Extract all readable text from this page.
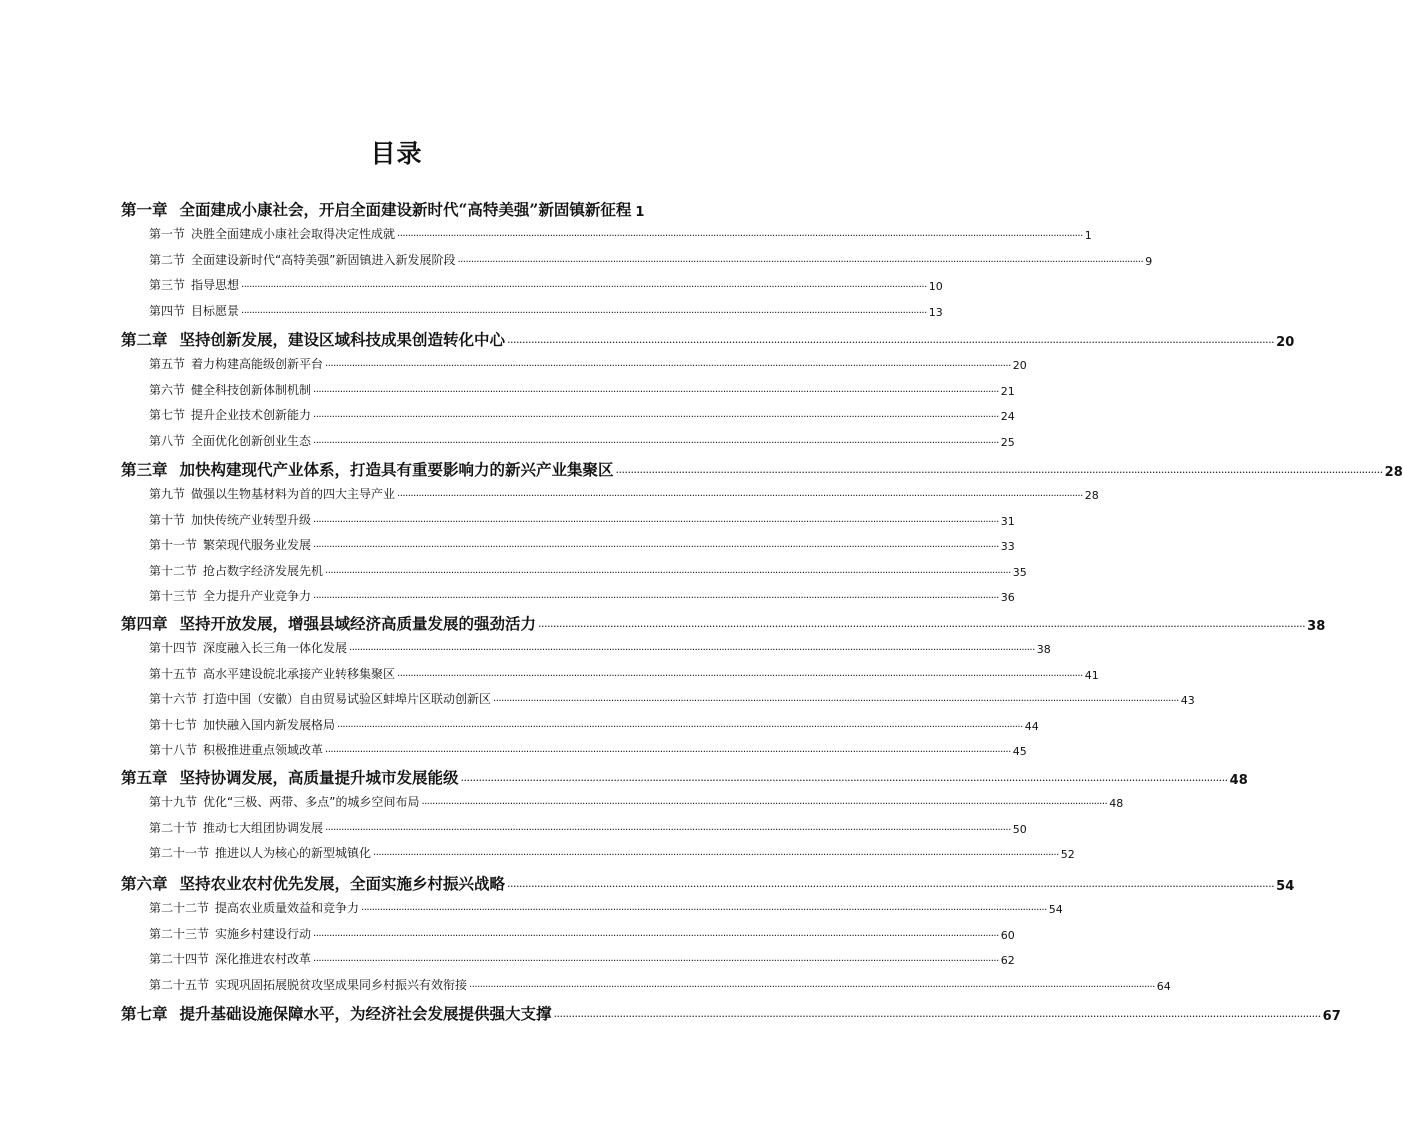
目录
第一章 全面建成小康社会，开启全面建设新时代“高特美强”新固镇新征程 1
第一节 决胜全面建成小康社会取得决定性成就 .....	1
第二节 全面建设新时代“高特美强”新固镇进入新发展阶段 .....	9
第三节 指导思想 .....	10
第四节 目标愿景 .....	13
第二章 坚持创新发展，建设区域科技成果创造转化中心 .....	20
第五节 着力构建高能级创新平台 .....	20
第六节 健全科技创新体制机制 .....	21
第七节 提升企业技术创新能力 .....	24
第八节 全面优化创新创业生态 .....	25
第三章 加快构建现代产业体系，打造具有重要影响力的新兴产业集聚区 .....	28
第九节 做强以生物基材料为首的四大主导产业 .....	28
第十节 加快传统产业转型升级 .....	31
第十一节 繁荣现代服务业发展 .....	33
第十二节 抢占数字经济发展先机 .....	35
第十三节 全力提升产业竞争力 .....	36
第四章 坚持开放发展，增强县域经济高质量发展的强劲活力 .....	38
第十四节 深度融入长三角一体化发展 .....	38
第十五节 高水平建设皖北承接产业转移集聚区 .....	41
第十六节 打造中国（安徽）自由贸易试验区蚌埠片区联动创新区 .....	43
第十七节 加快融入国内新发展格局 .....	44
第十八节 积极推进重点领域改革 .....	45
第五章 坚持协调发展，高质量提升城市发展能级 .....	48
第十九节 优化“三极、两带、多点”的城乡空间布局 .....	48
第二十节 推动七大组团协调发展 .....	50
第二十一节 推进以人为核心的新型城镇化 .....	52
第六章 坚持农业农村优先发展，全面实施乡村振兴战略 .....	54
第二十二节 提高农业质量效益和竞争力 .....	54
第二十三节 实施乡村建设行动 .....	60
第二十四节 深化推进农村改革 .....	62
第二十五节 实现巩固拓展脱贫攻坚成果同乡村振兴有效衔接 .....	64
第七章 提升基础设施保障水平，为经济社会发展提供强大支撑 .....	67
